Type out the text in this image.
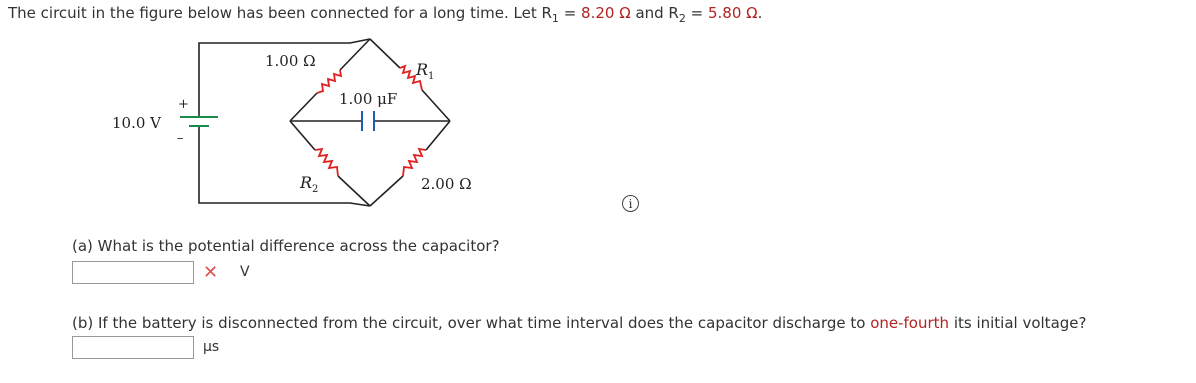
The circuit in the figure below has been connected for a long time. Let $R_1 = 8.20$ Ω and $R_2 = 5.80$ Ω.
+
–
10.0 V
1.00 Ω	$R_1$
1.00 μF
$R_2$	2.00 Ω
i
(a) What is the potential difference across the capacitor?
✕ V
(b) If the battery is disconnected from the circuit, over what time interval does the capacitor discharge to one-fourth its initial voltage?
μs
